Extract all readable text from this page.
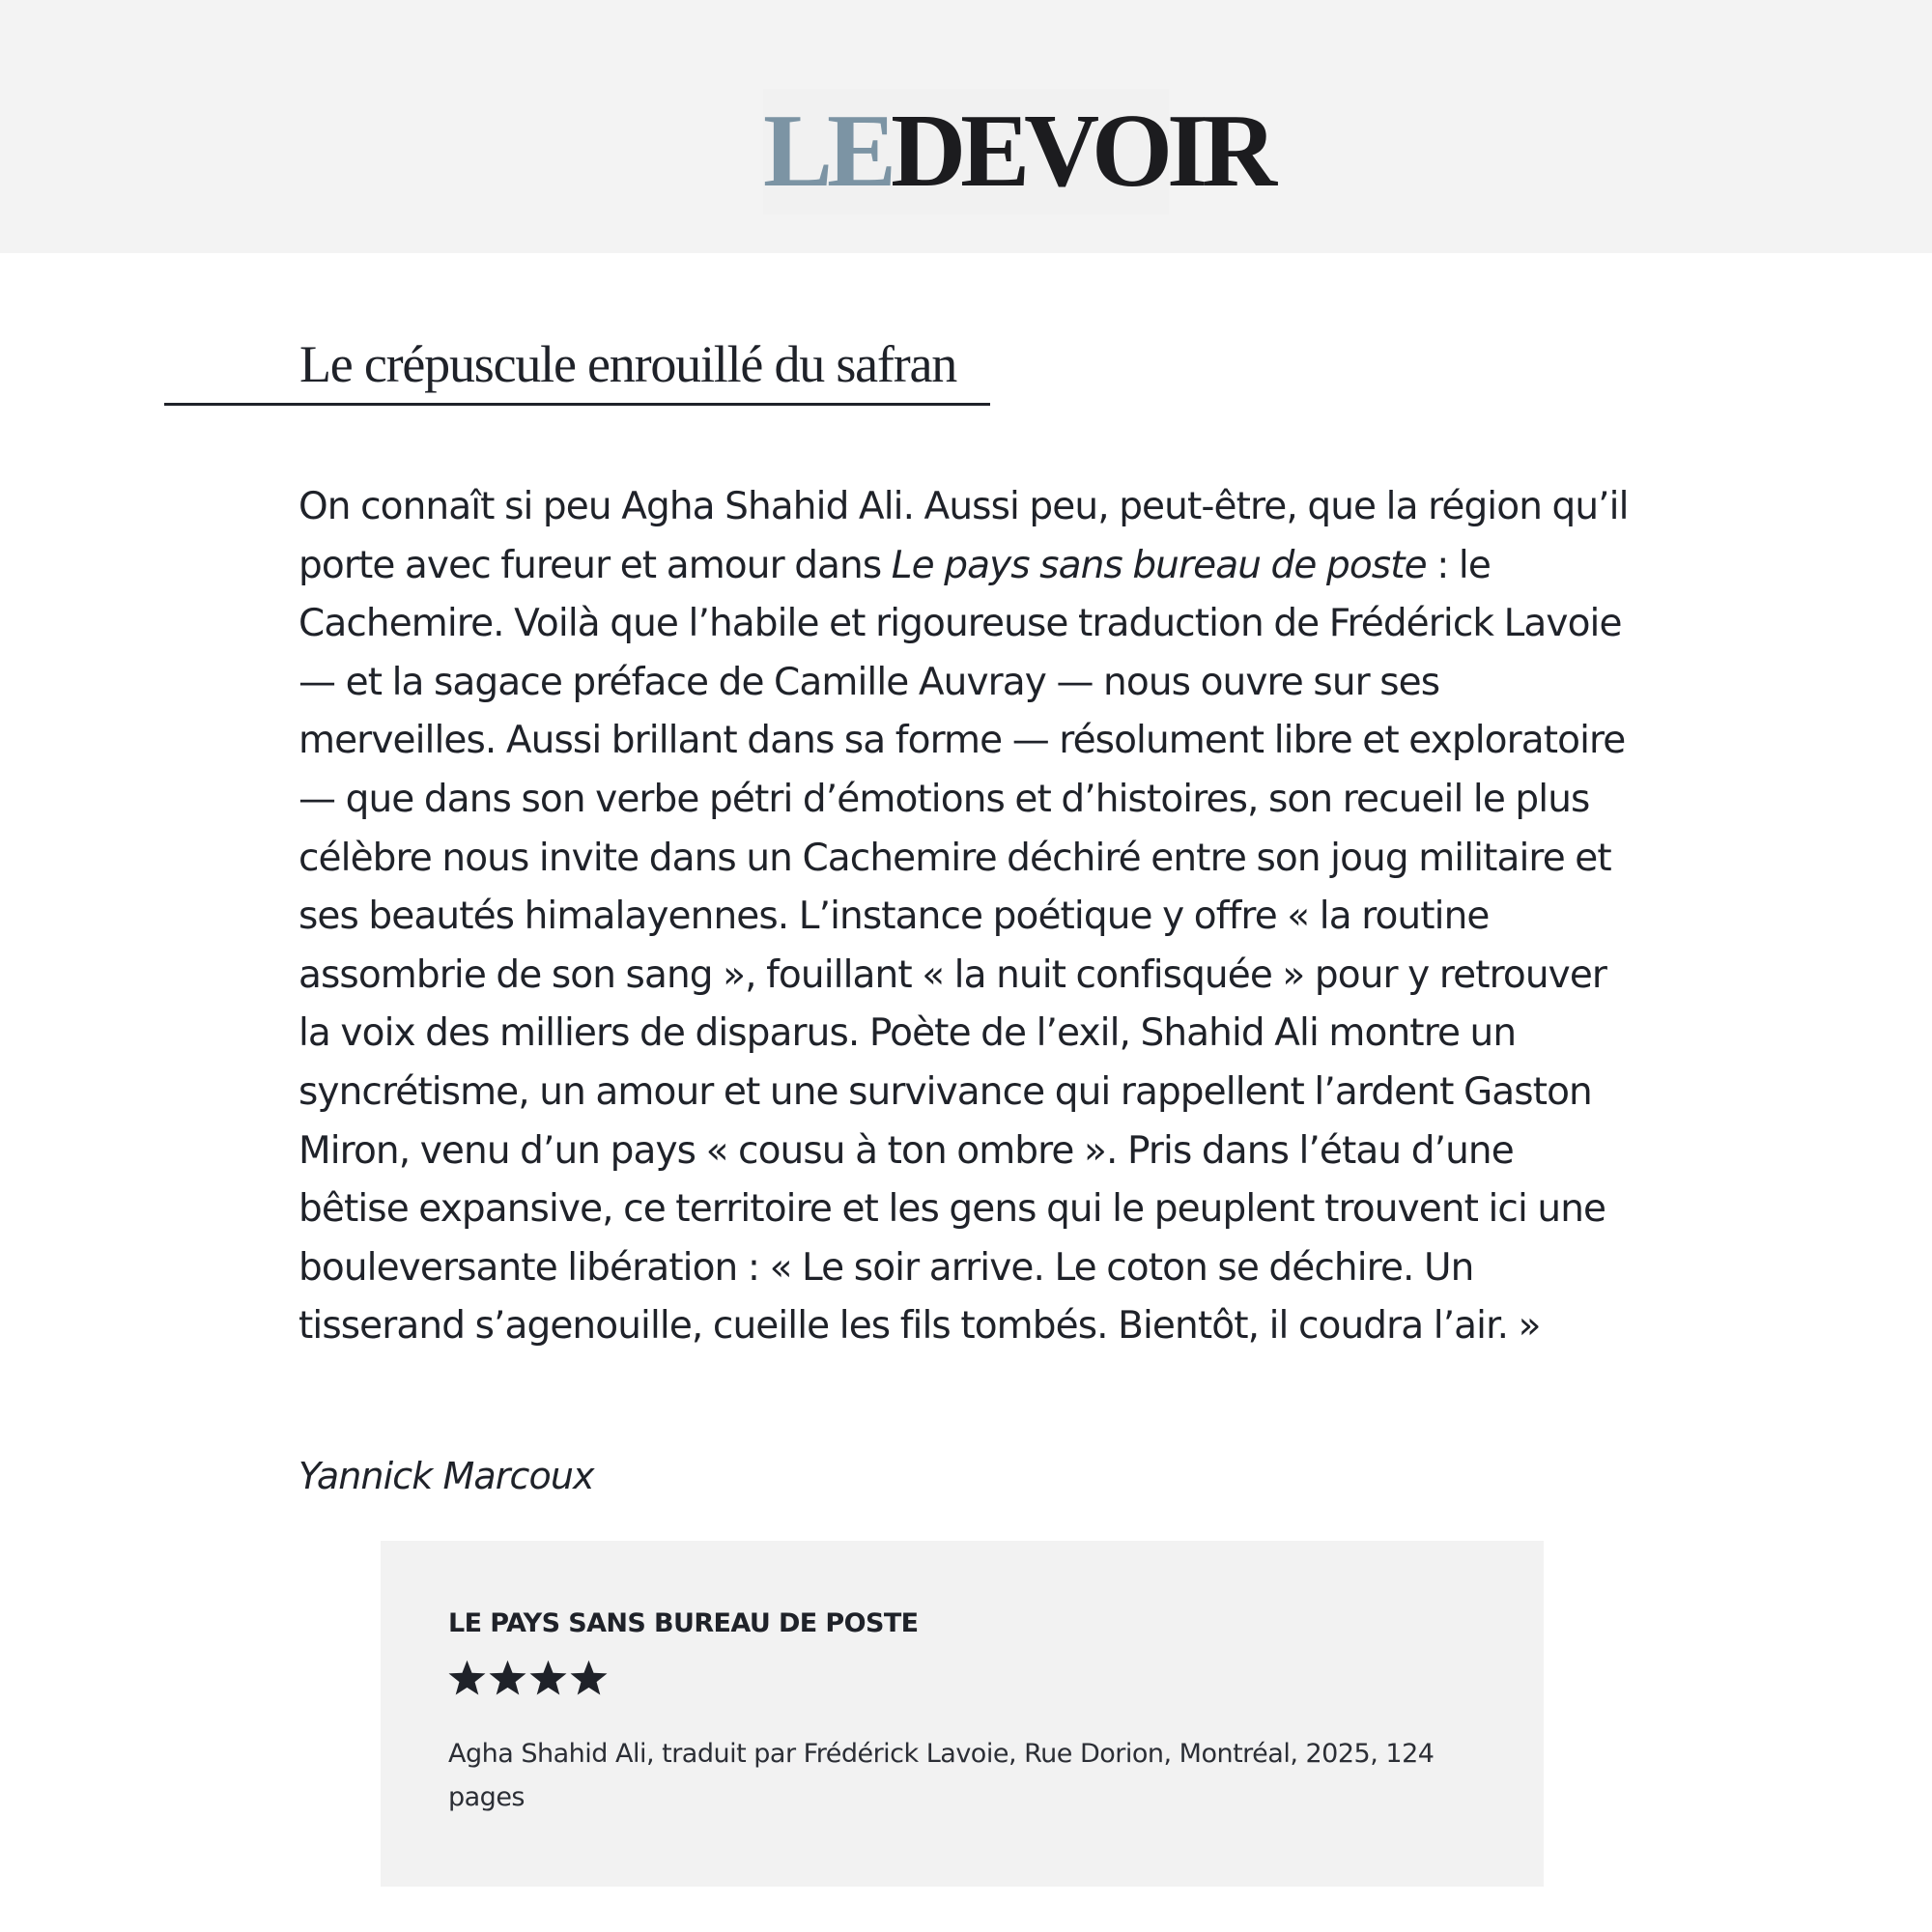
LEDEVOIR
Le crépuscule enrouillé du safran

On connaît si peu Agha Shahid Ali. Aussi peu, peut-être, que la région qu’il porte avec fureur et amour dans Le pays sans bureau de poste : le Cachemire. Voilà que l’habile et rigoureuse traduction de Frédérick Lavoie — et la sagace préface de Camille Auvray — nous ouvre sur ses merveilles. Aussi brillant dans sa forme — résolument libre et exploratoire — que dans son verbe pétri d’émotions et d’histoires, son recueil le plus célèbre nous invite dans un Cachemire déchiré entre son joug militaire et ses beautés himalayennes. L’instance poétique y offre « la routine assombrie de son sang », fouillant « la nuit confisquée » pour y retrouver la voix des milliers de disparus. Poète de l’exil, Shahid Ali montre un syncrétisme, un amour et une survivance qui rappellent l’ardent Gaston Miron, venu d’un pays « cousu à ton ombre ». Pris dans l’étau d’une bêtise expansive, ce territoire et les gens qui le peuplent trouvent ici une bouleversante libération : « Le soir arrive. Le coton se déchire. Un tisserand s’agenouille, cueille les fils tombés. Bientôt, il coudra l’air. »

Yannick Marcoux

LE PAYS SANS BUREAU DE POSTE

Agha Shahid Ali, traduit par Frédérick Lavoie, Rue Dorion, Montréal, 2025, 124 pages
